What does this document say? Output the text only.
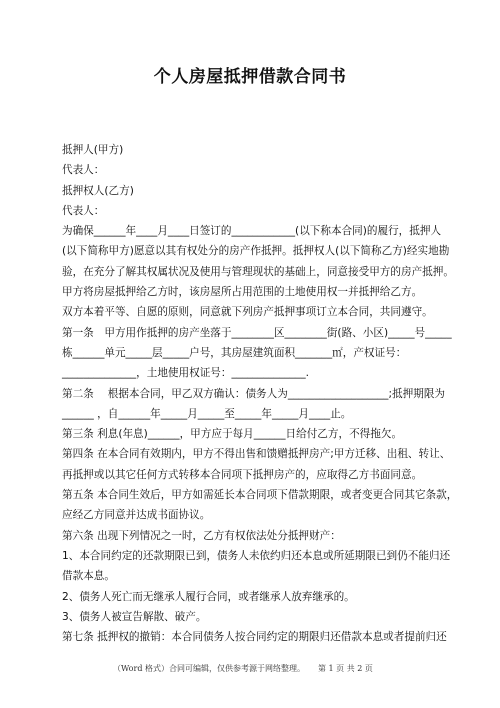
个人房屋抵押借款合同书

抵押人(甲方)

代表人：

抵押权人(乙方)

代表人：

为确保______年____月____日签订的____________(以下称本合同)的履行，抵押人

(以下简称甲方)愿意以其有权处分的房产作抵押。抵押权人(以下简称乙方)经实地勘

验，在充分了解其权属状况及使用与管理现状的基础上，同意接受甲方的房产抵押。

甲方将房屋抵押给乙方时，该房屋所占用范围的土地使用权一并抵押给乙方。

双方本着平等、自愿的原则，同意就下列房产抵押事项订立本合同，共同遵守。

第一条　甲方用作抵押的房产坐落于________区________街(路、小区)_____号_____

栋______单元_____层_____户号，其房屋建筑面积_______㎡，产权证号：

______________，土地使用权证号：______________.

第二条　 根据本合同，甲乙双方确认：债务人为___________________;抵押期限为

______ ，自______年_____月_____至_____年_____月____止。

第三条 利息(年息)______，甲方应于每月______日给付乙方，不得拖欠。

第四条 在本合同有效期内，甲方不得出售和馈赠抵押房产;甲方迁移、出租、转让、

再抵押或以其它任何方式转移本合同项下抵押房产的，应取得乙方书面同意。

第五条 本合同生效后，甲方如需延长本合同项下借款期限，或者变更合同其它条款，

应经乙方同意并达成书面协议。

第六条 出现下列情况之一时，乙方有权依法处分抵押财产：

1、本合同约定的还款期限已到，债务人未依约归还本息或所延期限已到仍不能归还

借款本息。

2、债务人死亡而无继承人履行合同，或者继承人放弃继承的。

3、债务人被宣告解散、破产。

第七条 抵押权的撤销：本合同债务人按合同约定的期限归还借款本息或者提前归还

（Word 格式）合同可编辑，仅供参考源于网络整理。 第 1 页 共 2 页
